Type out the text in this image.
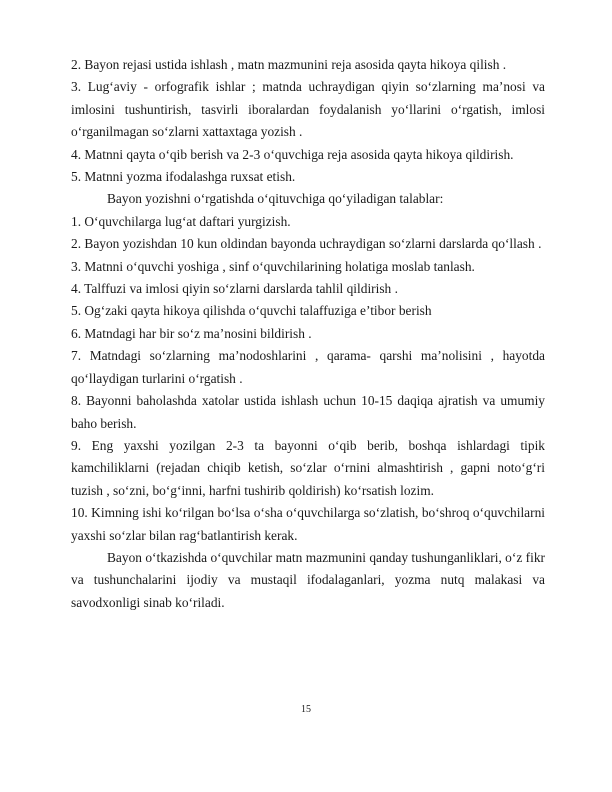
2. Bayon rejasi ustida ishlash , matn mazmunini reja asosida qayta hikoya qilish .

3. Lug‘aviy - orfografik ishlar ; matnda uchraydigan qiyin so‘zlarning ma’nosi va imlosini tushuntirish, tasvirli iboralardan foydalanish yo‘llarini o‘rgatish, imlosi o‘rganilmagan so‘zlarni xattaxtaga yozish .

4. Matnni qayta o‘qib berish va 2-3 o‘quvchiga reja asosida qayta hikoya qildirish.

5. Matnni yozma ifodalashga ruxsat etish.

Bayon yozishni o‘rgatishda o‘qituvchiga qo‘yiladigan talablar:

1. O‘quvchilarga lug‘at daftari yurgizish.

2. Bayon yozishdan 10 kun oldindan bayonda uchraydigan so‘zlarni darslarda qo‘llash .

3. Matnni o‘quvchi yoshiga , sinf o‘quvchilarining holatiga moslab tanlash.

4. Talffuzi va imlosi qiyin so‘zlarni darslarda tahlil qildirish .

5. Og‘zaki qayta hikoya qilishda o‘quvchi talaffuziga e’tibor berish

6. Matndagi har bir so‘z ma’nosini bildirish .

7. Matndagi so‘zlarning ma’nodoshlarini , qarama- qarshi ma’nolisini , hayotda qo‘llaydigan turlarini o‘rgatish .

8. Bayonni baholashda xatolar ustida ishlash uchun 10-15 daqiqa ajratish va umumiy baho berish.

9. Eng yaxshi yozilgan 2-3 ta bayonni o‘qib berib, boshqa ishlardagi tipik kamchiliklarni (rejadan chiqib ketish, so‘zlar o‘rnini almashtirish , gapni noto‘g‘ri tuzish , so‘zni, bo‘g‘inni, harfni tushirib qoldirish) ko‘rsatish lozim.

10. Kimning ishi ko‘rilgan bo‘lsa o‘sha o‘quvchilarga so‘zlatish, bo‘shroq o‘quvchilarni yaxshi so‘zlar bilan rag‘batlantirish kerak.

Bayon o‘tkazishda o‘quvchilar matn mazmunini qanday tushunganliklari, o‘z fikr va tushunchalarini ijodiy va mustaqil ifodalaganlari, yozma nutq malakasi va savodxonligi sinab ko‘riladi.

15
